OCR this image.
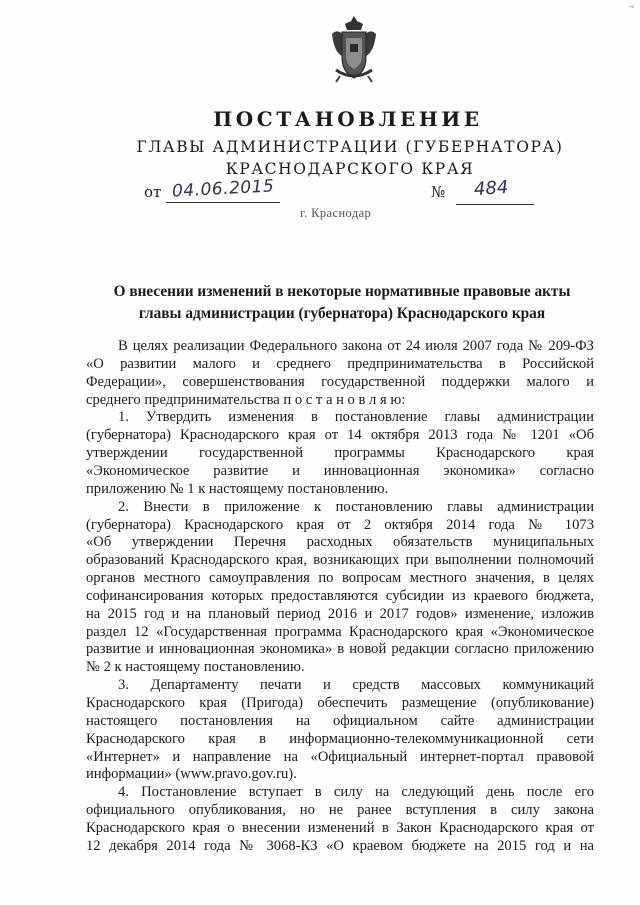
→
ПОСТАНОВЛЕНИЕ
ГЛАВЫ АДМИНИСТРАЦИИ (ГУБЕРНАТОРА)
КРАСНОДАРСКОГО КРАЯ
от 04.06.2015	№ 484
г. Краснодар
О внесении изменений в некоторые нормативные правовые акты
главы администрации (губернатора) Краснодарского края
В целях реализации Федерального закона от 24 июля 2007 года № 209-ФЗ
«О развитии малого и среднего предпринимательства в Российской
Федерации», совершенствования государственной поддержки малого и
среднего предпринимательства п о с т а н о в л я ю:
1. Утвердить изменения в постановление главы администрации
(губернатора) Краснодарского края от 14 октября 2013 года № 1201 «Об
утверждении государственной программы Краснодарского края
«Экономическое развитие и инновационная экономика» согласно
приложению № 1 к настоящему постановлению.
2. Внести в приложение к постановлению главы администрации
(губернатора) Краснодарского края от 2 октября 2014 года № 1073
«Об утверждении Перечня расходных обязательств муниципальных
образований Краснодарского края, возникающих при выполнении полномочий
органов местного самоуправления по вопросам местного значения, в целях
софинансирования которых предоставляются субсидии из краевого бюджета,
на 2015 год и на плановый период 2016 и 2017 годов» изменение, изложив
раздел 12 «Государственная программа Краснодарского края «Экономическое
развитие и инновационная экономика» в новой редакции согласно приложению
№ 2 к настоящему постановлению.
3. Департаменту печати и средств массовых коммуникаций
Краснодарского края (Пригода) обеспечить размещение (опубликование)
настоящего постановления на официальном сайте администрации
Краснодарского края в информационно-телекоммуникационной сети
«Интернет» и направление на «Официальный интернет-портал правовой
информации» (www.pravo.gov.ru).
4. Постановление вступает в силу на следующий день после его
официального опубликования, но не ранее вступления в силу закона
Краснодарского края о внесении изменений в Закон Краснодарского края от
12 декабря 2014 года № 3068-КЗ «О краевом бюджете на 2015 год и на
